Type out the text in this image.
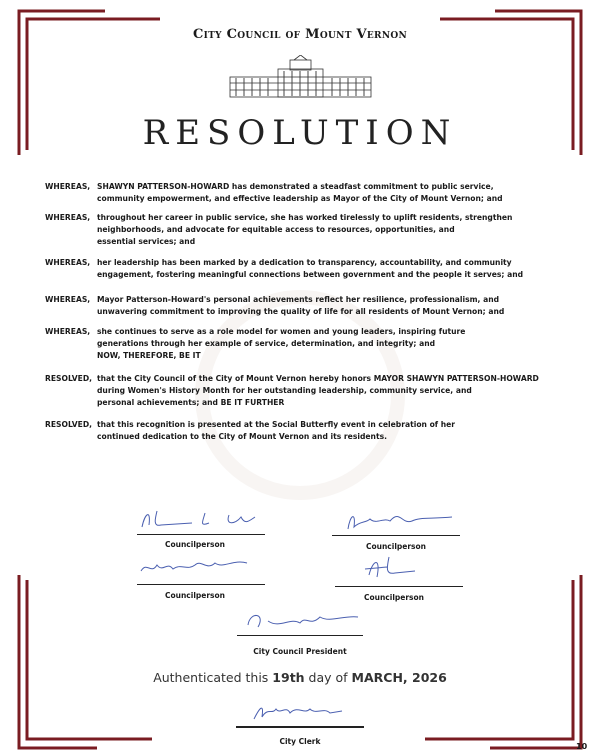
City Council of Mount Vernon
RESOLUTION
WHEREAS, SHAWYN PATTERSON-HOWARD has demonstrated a steadfast commitment to public service,
community empowerment, and effective leadership as Mayor of the City of Mount Vernon; and
WHEREAS, throughout her career in public service, she has worked tirelessly to uplift residents, strengthen
neighborhoods, and advocate for equitable access to resources, opportunities, and
essential services; and
WHEREAS, her leadership has been marked by a dedication to transparency, accountability, and community
engagement, fostering meaningful connections between government and the people it serves; and
WHEREAS, Mayor Patterson-Howard's personal achievements reflect her resilience, professionalism, and
unwavering commitment to improving the quality of life for all residents of Mount Vernon; and
WHEREAS, she continues to serve as a role model for women and young leaders, inspiring future
generations through her example of service, determination, and integrity; and
NOW, THEREFORE, BE IT
RESOLVED, that the City Council of the City of Mount Vernon hereby honors MAYOR SHAWYN PATTERSON-HOWARD
during Women's History Month for her outstanding leadership, community service, and
personal achievements; and BE IT FURTHER
RESOLVED, that this recognition is presented at the Social Butterfly event in celebration of her
continued dedication to the City of Mount Vernon and its residents.
Councilperson	Councilperson
Councilperson	Councilperson
City Council President
Authenticated this 19th day of MARCH, 2026
City Clerk
10
